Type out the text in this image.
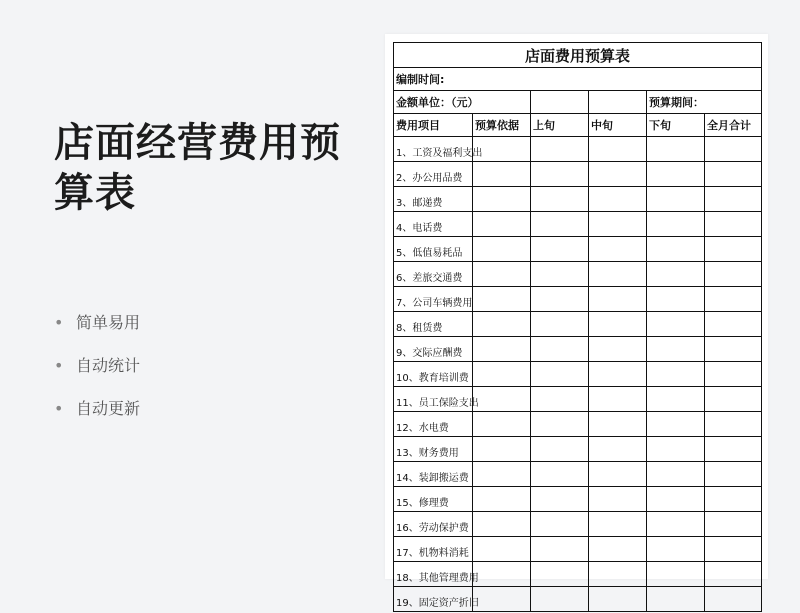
店面经营费用预算表
• 简单易用
• 自动统计
• 自动更新
店面费用预算表					
编制时间:					
金额单位：（元）				预算期间：	
费用项目	预算依据	上旬	中旬	下旬	全月合计
1、工资及福利支出					
2、办公用品费					
3、邮递费					
4、电话费					
5、低值易耗品					
6、差旅交通费					
7、公司车辆费用					
8、租赁费					
9、交际应酬费					
10、教育培训费					
11、员工保险支出					
12、水电费					
13、财务费用					
14、装卸搬运费					
15、修理费					
16、劳动保护费					
17、机物料消耗					
18、其他管理费用					
19、固定资产折旧					
